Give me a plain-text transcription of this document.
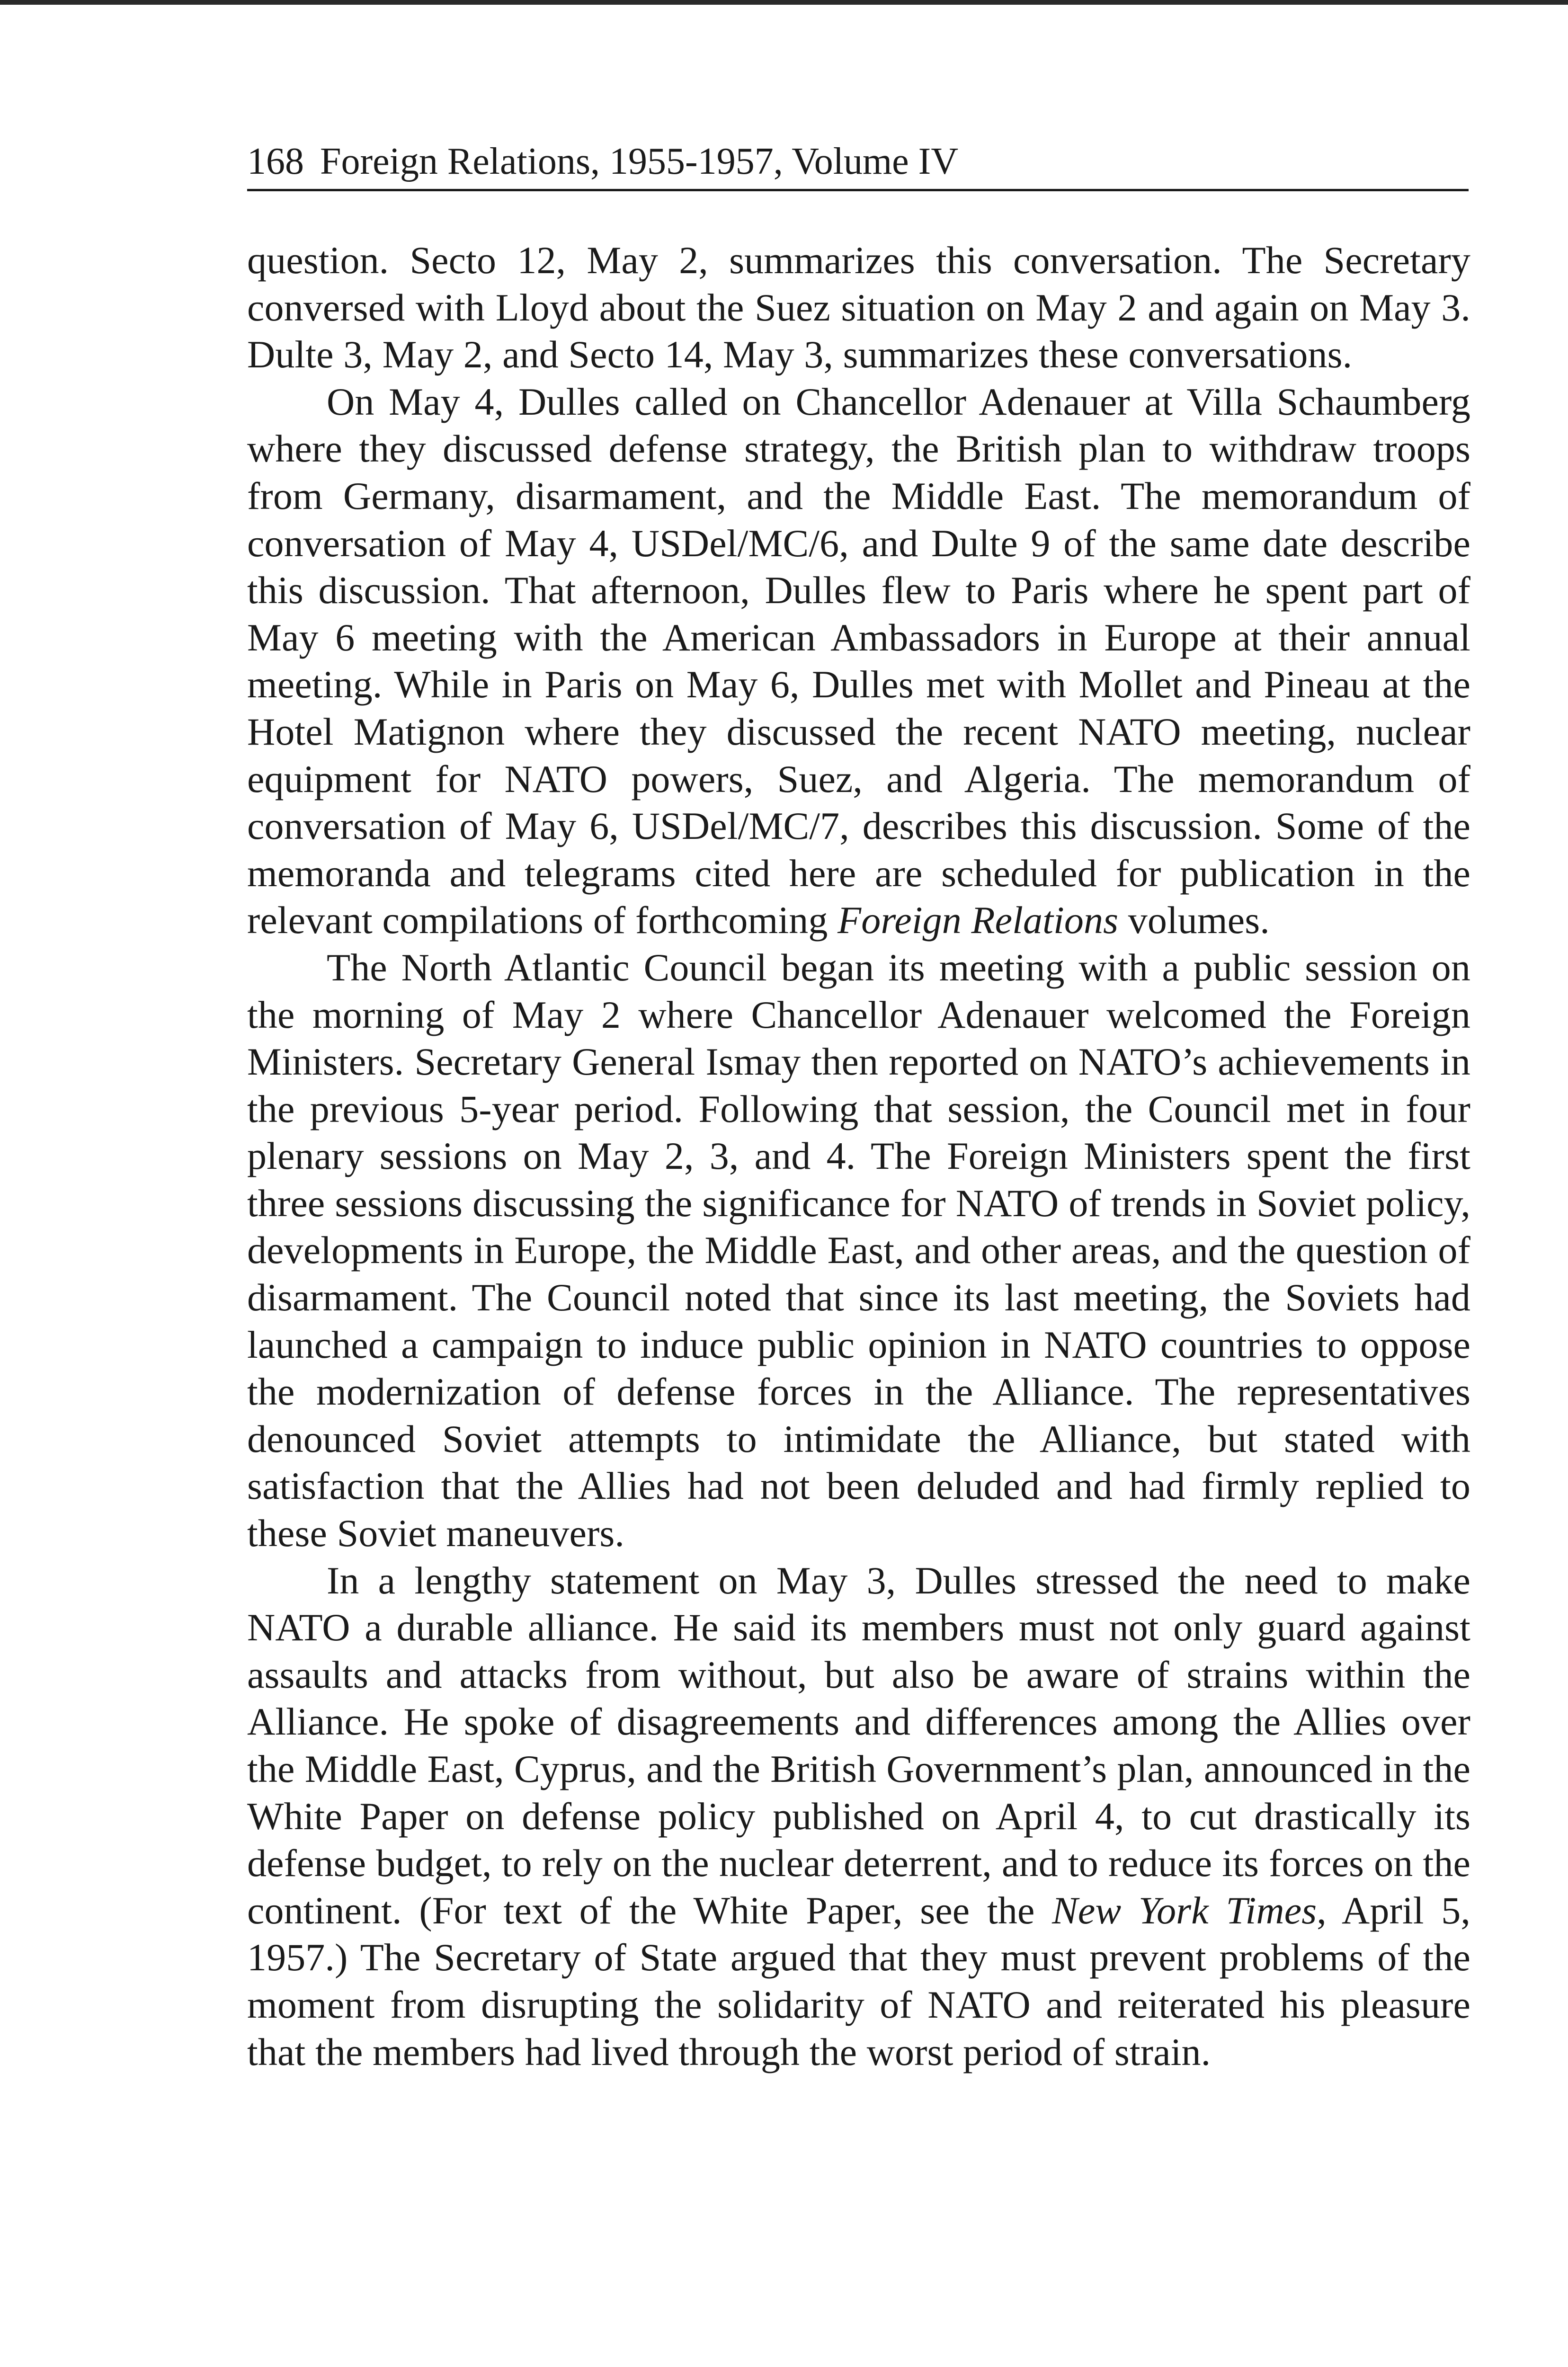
168 Foreign Relations, 1955-1957, Volume IV

question. Secto 12, May 2, summarizes this conversation. The Secretary conversed with Lloyd about the Suez situation on May 2 and again on May 3. Dulte 3, May 2, and Secto 14, May 3, summarizes these conversations.

On May 4, Dulles called on Chancellor Adenauer at Villa Schaumberg where they discussed defense strategy, the British plan to withdraw troops from Germany, disarmament, and the Middle East. The memorandum of conversation of May 4, USDel/MC/6, and Dulte 9 of the same date describe this discussion. That afternoon, Dulles flew to Paris where he spent part of May 6 meeting with the American Ambassadors in Europe at their annual meeting. While in Paris on May 6, Dulles met with Mollet and Pineau at the Hotel Matignon where they discussed the recent NATO meeting, nuclear equipment for NATO powers, Suez, and Algeria. The memorandum of conversation of May 6, USDel/MC/7, describes this discussion. Some of the memoranda and telegrams cited here are scheduled for publication in the relevant compilations of forthcoming Foreign Relations volumes.

The North Atlantic Council began its meeting with a public session on the morning of May 2 where Chancellor Adenauer welcomed the Foreign Ministers. Secretary General Ismay then reported on NATO’s achievements in the previous 5-year period. Following that session, the Council met in four plenary sessions on May 2, 3, and 4. The Foreign Ministers spent the first three sessions discussing the significance for NATO of trends in Soviet policy, developments in Europe, the Middle East, and other areas, and the question of disarmament. The Council noted that since its last meeting, the Soviets had launched a campaign to induce public opinion in NATO countries to oppose the modernization of defense forces in the Alliance. The representatives denounced Soviet attempts to intimidate the Alliance, but stated with satisfaction that the Allies had not been deluded and had firmly replied to these Soviet maneuvers.

In a lengthy statement on May 3, Dulles stressed the need to make NATO a durable alliance. He said its members must not only guard against assaults and attacks from without, but also be aware of strains within the Alliance. He spoke of disagreements and differences among the Allies over the Middle East, Cyprus, and the British Government’s plan, announced in the White Paper on defense policy published on April 4, to cut drastically its defense budget, to rely on the nuclear deterrent, and to reduce its forces on the continent. (For text of the White Paper, see the New York Times, April 5, 1957.) The Secretary of State argued that they must prevent problems of the moment from disrupting the solidarity of NATO and reiterated his pleasure that the members had lived through the worst period of strain.
